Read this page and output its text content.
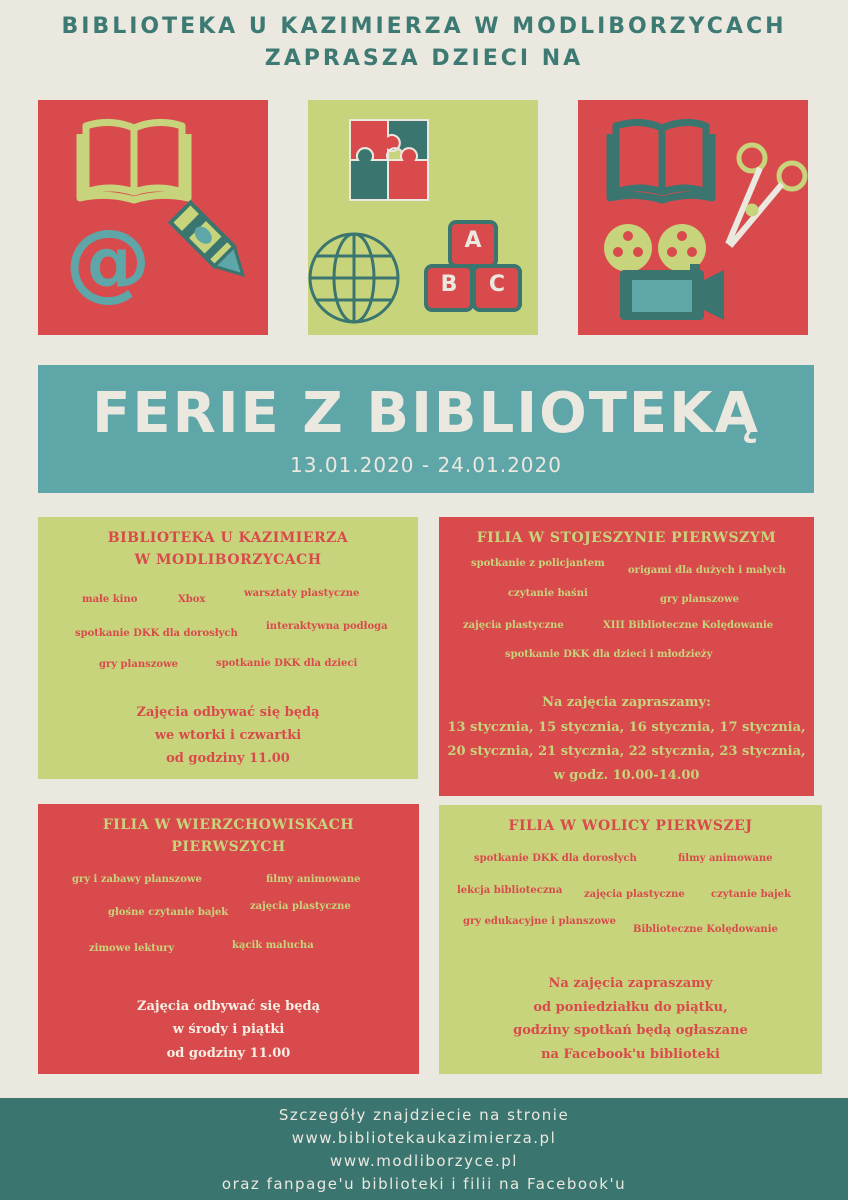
BIBLIOTEKA U KAZIMIERZA W MODLIBORZYCACH
ZAPRASZA DZIECI NA
@	A
B	C
FERIE Z BIBLIOTEKĄ
13.01.2020 - 24.01.2020
BIBLIOTEKA U KAZIMIERZA
W MODLIBORZYCACH
małe kino	Xbox
warsztaty plastyczne
spotkanie DKK dla dorosłych
interaktywna podłoga
gry planszowe	spotkanie DKK dla dzieci
Zajęcia odbywać się będą
we wtorki i czwartki
od godziny 11.00
FILIA W STOJESZYNIE PIERWSZYM
spotkanie z policjantem
origami dla dużych i małych
czytanie baśni
gry planszowe
zajęcia plastyczne	XIII Biblioteczne Kolędowanie
spotkanie DKK dla dzieci i młodzieży
Na zajęcia zapraszamy:
13 stycznia, 15 stycznia, 16 stycznia, 17 stycznia,
20 stycznia, 21 stycznia, 22 stycznia, 23 stycznia,
w godz. 10.00-14.00
FILIA W WIERZCHOWISKACH
PIERWSZYCH
gry i zabawy planszowe	filmy animowane
głośne czytanie bajek
zajęcia plastyczne
zimowe lektury	kącik malucha
Zajęcia odbywać się będą
w środy i piątki
od godziny 11.00
FILIA W WOLICY PIERWSZEJ
spotkanie DKK dla dorosłych	filmy animowane
lekcja biblioteczna zajęcia plastyczne	czytanie bajek
gry edukacyjne i planszowe
Biblioteczne Kolędowanie
Na zajęcia zapraszamy
od poniedziałku do piątku,
godziny spotkań będą ogłaszane
na Facebook'u biblioteki
Szczegóły znajdziecie na stronie
www.bibliotekaukazimierza.pl
www.modliborzyce.pl
oraz fanpage'u biblioteki i filii na Facebook'u
